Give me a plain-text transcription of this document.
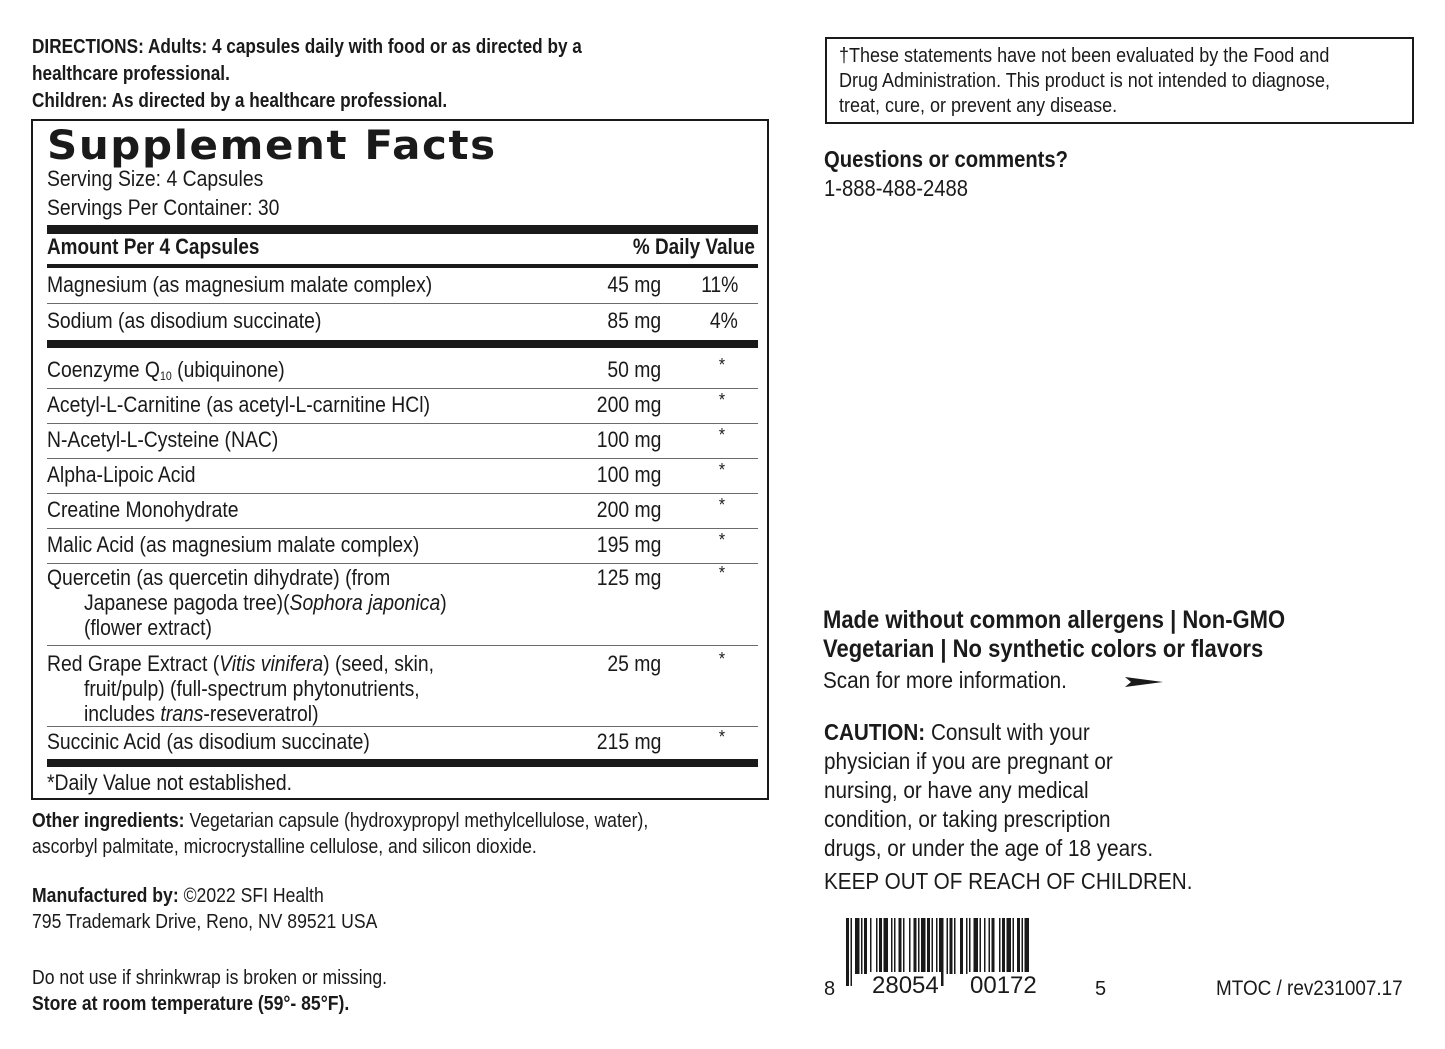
DIRECTIONS: Adults: 4 capsules daily with food or as directed by a
healthcare professional.
Children: As directed by a healthcare professional.
Supplement Facts
Serving Size: 4 Capsules
Servings Per Container: 30
Amount Per 4 Capsules	% Daily Value
Magnesium (as magnesium malate complex)	45 mg 11%
Sodium (as disodium succinate)	85 mg 4%
Coenzyme $Q_{10}$ (ubiquinone)	50 mg	*
Acetyl-L-Carnitine (as acetyl-L-carnitine HCl)	200 mg	*
N-Acetyl-L-Cysteine (NAC)	100 mg	*
Alpha-Lipoic Acid	100 mg	*
Creatine Monohydrate	200 mg	*
Malic Acid (as magnesium malate complex)	195 mg	*
Quercetin (as quercetin dihydrate) (from
Japanese pagoda tree)(Sophora japonica)
(flower extract)
125 mg	*
Red Grape Extract (Vitis vinifera) (seed, skin,
fruit/pulp) (full-spectrum phytonutrients,
includes trans-reseveratrol)
25 mg	*
Succinic Acid (as disodium succinate)	215 mg	*
*Daily Value not established.
Other ingredients: Vegetarian capsule (hydroxypropyl methylcellulose, water),
ascorbyl palmitate, microcrystalline cellulose, and silicon dioxide.
Manufactured by: ©2022 SFI Health
795 Trademark Drive, Reno, NV 89521 USA
Do not use if shrinkwrap is broken or missing.
Store at room temperature (59°- 85°F).
†These statements have not been evaluated by the Food and
Drug Administration. This product is not intended to diagnose,
treat, cure, or prevent any disease.
Questions or comments?
1-888-488-2488
Made without common allergens | Non-GMO
Vegetarian | No synthetic colors or flavors
Scan for more information.
CAUTION: Consult with your
physician if you are pregnant or
nursing, or have any medical
condition, or taking prescription
drugs, or under the age of 18 years.
KEEP OUT OF REACH OF CHILDREN.
8 28054 00172	5	MTOC / rev231007.17
